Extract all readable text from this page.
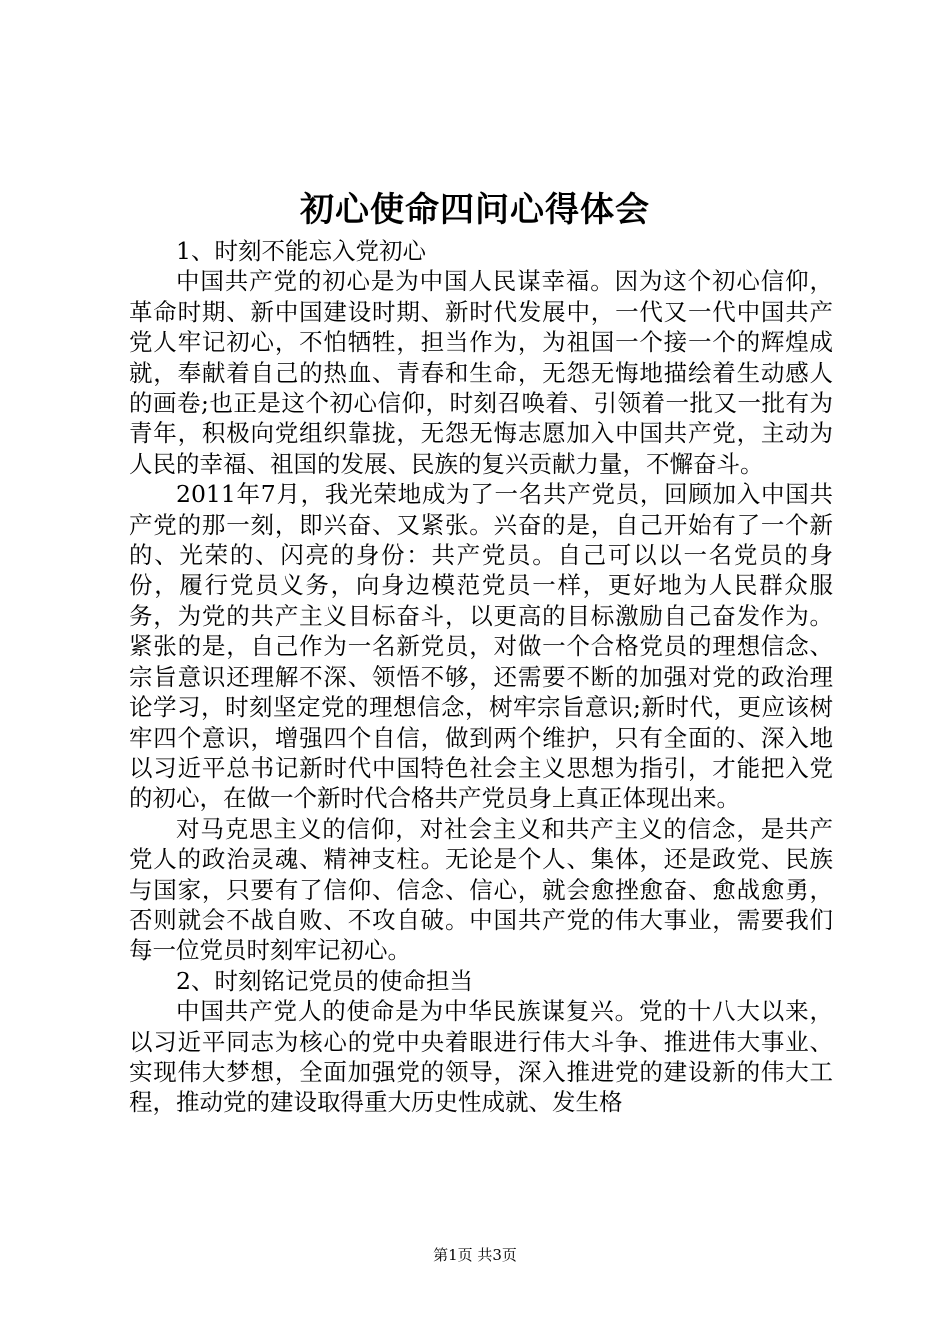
初心使命四问心得体会

1、时刻不能忘入党初心

中国共产党的初心是为中国人民谋幸福。因为这个初心信仰，革命时期、新中国建设时期、新时代发展中，一代又一代中国共产党人牢记初心，不怕牺牲，担当作为，为祖国一个接一个的辉煌成就，奉献着自己的热血、青春和生命，无怨无悔地描绘着生动感人的画卷;也正是这个初心信仰，时刻召唤着、引领着一批又一批有为青年，积极向党组织靠拢，无怨无悔志愿加入中国共产党，主动为人民的幸福、祖国的发展、民族的复兴贡献力量，不懈奋斗。

2011年7月，我光荣地成为了一名共产党员，回顾加入中国共产党的那一刻，即兴奋、又紧张。兴奋的是，自己开始有了一个新的、光荣的、闪亮的身份：共产党员。自己可以以一名党员的身份，履行党员义务，向身边模范党员一样，更好地为人民群众服务，为党的共产主义目标奋斗，以更高的目标激励自己奋发作为。紧张的是，自己作为一名新党员，对做一个合格党员的理想信念、宗旨意识还理解不深、领悟不够，还需要不断的加强对党的政治理论学习，时刻坚定党的理想信念，树牢宗旨意识;新时代，更应该树牢四个意识，增强四个自信，做到两个维护，只有全面的、深入地以习近平总书记新时代中国特色社会主义思想为指引，才能把入党的初心，在做一个新时代合格共产党员身上真正体现出来。

对马克思主义的信仰，对社会主义和共产主义的信念，是共产党人的政治灵魂、精神支柱。无论是个人、集体，还是政党、民族与国家，只要有了信仰、信念、信心，就会愈挫愈奋、愈战愈勇，否则就会不战自败、不攻自破。中国共产党的伟大事业，需要我们每一位党员时刻牢记初心。

2、时刻铭记党员的使命担当

中国共产党人的使命是为中华民族谋复兴。党的十八大以来，以习近平同志为核心的党中央着眼进行伟大斗争、推进伟大事业、实现伟大梦想，全面加强党的领导，深入推进党的建设新的伟大工程，推动党的建设取得重大历史性成就、发生格

第1页 共3页
